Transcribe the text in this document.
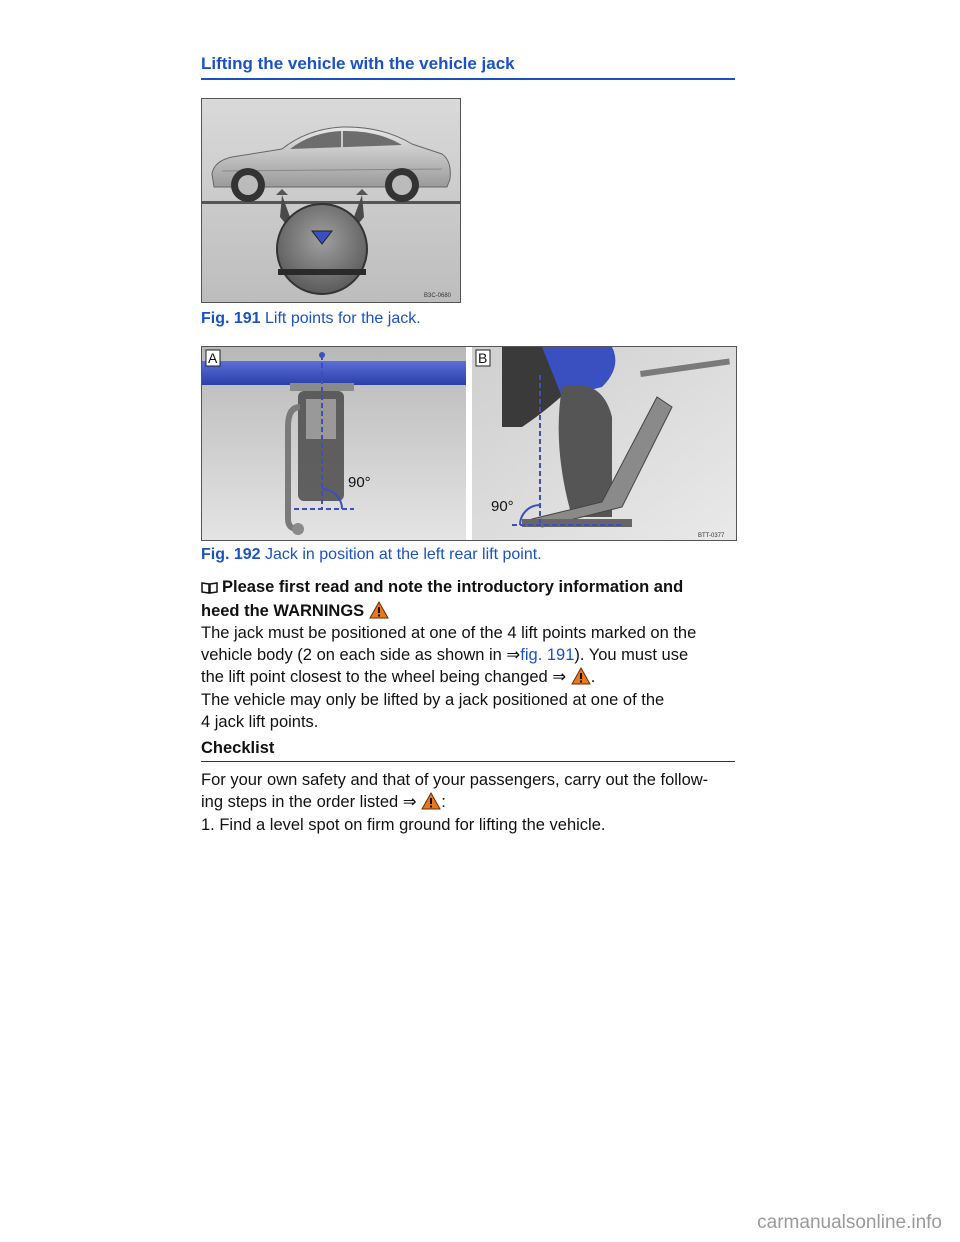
Lifting the vehicle with the vehicle jack
B3C-0680
Fig. 191 Lift points for the jack.
A
90°
B
90°
BTT-0377
Fig. 192 Jack in position at the left rear lift point.
Please first read and note the introductory information and
heed the WARNINGS
The jack must be positioned at one of the 4 lift points marked on the
vehicle body (2 on each side as shown in ⇒fig. 191). You must use
the lift point closest to the wheel being changed ⇒ .
The vehicle may only be lifted by a jack positioned at one of the
4 jack lift points.
Checklist
For your own safety and that of your passengers, carry out the follow-
ing steps in the order listed ⇒ :
1. Find a level spot on firm ground for lifting the vehicle.
carmanualsonline.info
